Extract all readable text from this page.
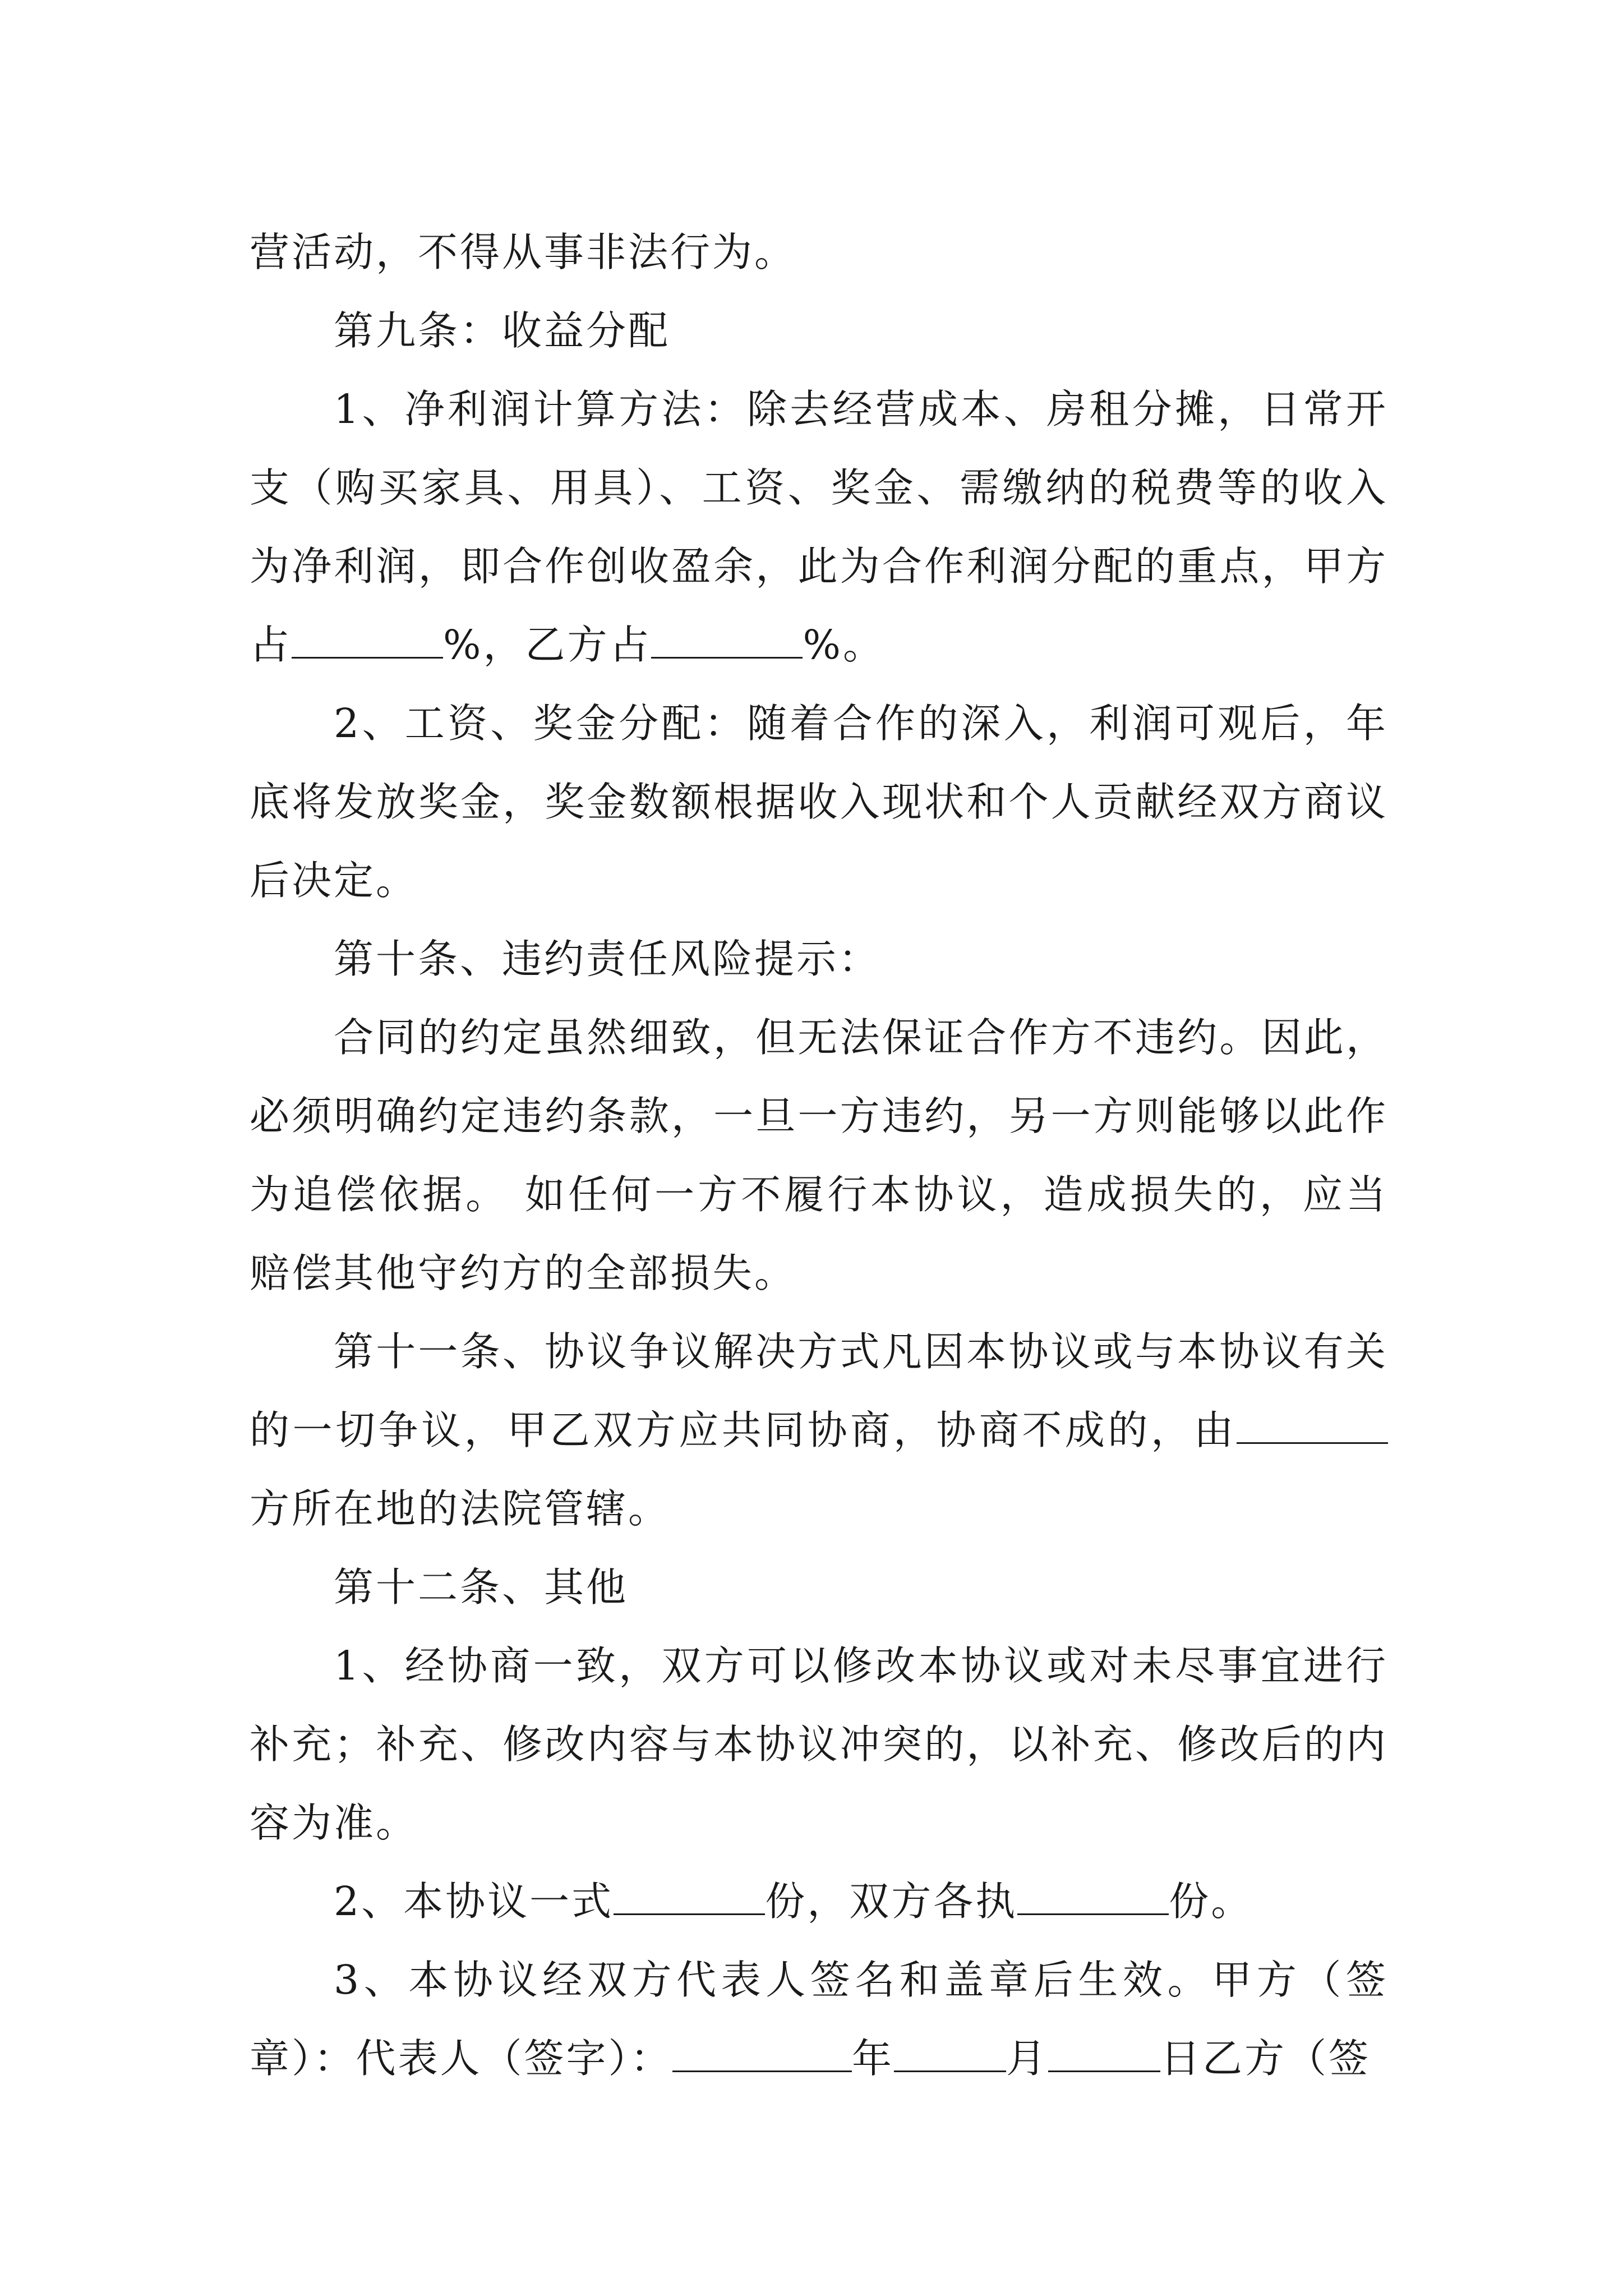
营活动，不得从事非法行为。

第九条：收益分配

1、净利润计算方法：除去经营成本、房租分摊，日常开支（购买家具、用具）、工资、奖金、需缴纳的税费等的收入为净利润，即合作创收盈余，此为合作利润分配的重点，甲方占	%，乙方占	%。

2、工资、奖金分配：随着合作的深入，利润可观后，年底将发放奖金，奖金数额根据收入现状和个人贡献经双方商议后决定。

第十条、违约责任风险提示：

合同的约定虽然细致，但无法保证合作方不违约。因此，必须明确约定违约条款，一旦一方违约，另一方则能够以此作为追偿依据。 如任何一方不履行本协议，造成损失的，应当赔偿其他守约方的全部损失。

第十一条、协议争议解决方式凡因本协议或与本协议有关的一切争议，甲乙双方应共同协商，协商不成的，由方所在地的法院管辖。

第十二条、其他

1、经协商一致，双方可以修改本协议或对未尽事宜进行补充；补充、修改内容与本协议冲突的，以补充、修改后的内容为准。

2、本协议一式	份，双方各执	份。

3、本协议经双方代表人签名和盖章后生效。甲方（签章）：代表人（签字）：	年	月	日乙方（签
